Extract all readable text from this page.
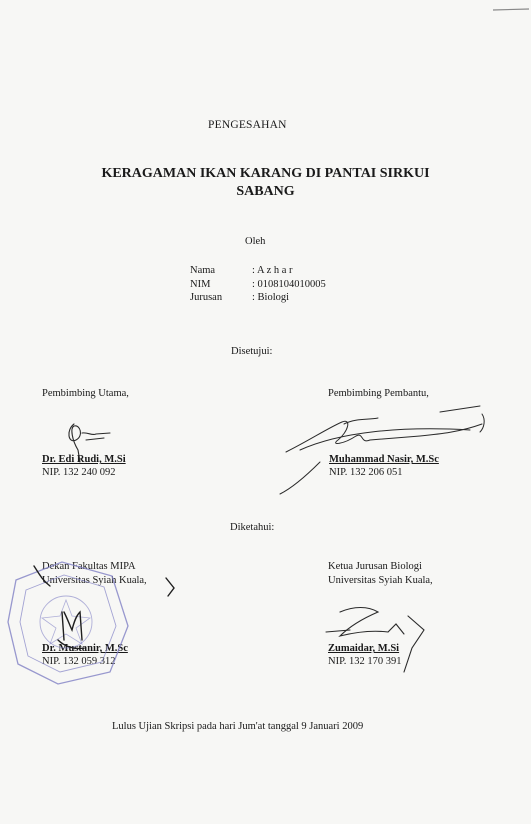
PENGESAHAN
KERAGAMAN IKAN KARANG DI PANTAI SIRKUI
SABANG
Oleh
Nama	: A z h a r
NIM	: 0108104010005
Jurusan	: Biologi
Disetujui:
Pembimbing Utama,	Pembimbing Pembantu,
Dr. Edi Rudi, M.Si
NIP. 132 240 092
Muhammad Nasir, M.Sc
NIP. 132 206 051
Diketahui:
Dekan Fakultas MIPA
Universitas Syiah Kuala,
Ketua Jurusan Biologi
Universitas Syiah Kuala,
Dr. Mustanir, M.Sc
NIP. 132 059 312
Zumaidar, M.Si
NIP. 132 170 391
Lulus Ujian Skripsi pada hari Jum'at tanggal 9 Januari 2009
